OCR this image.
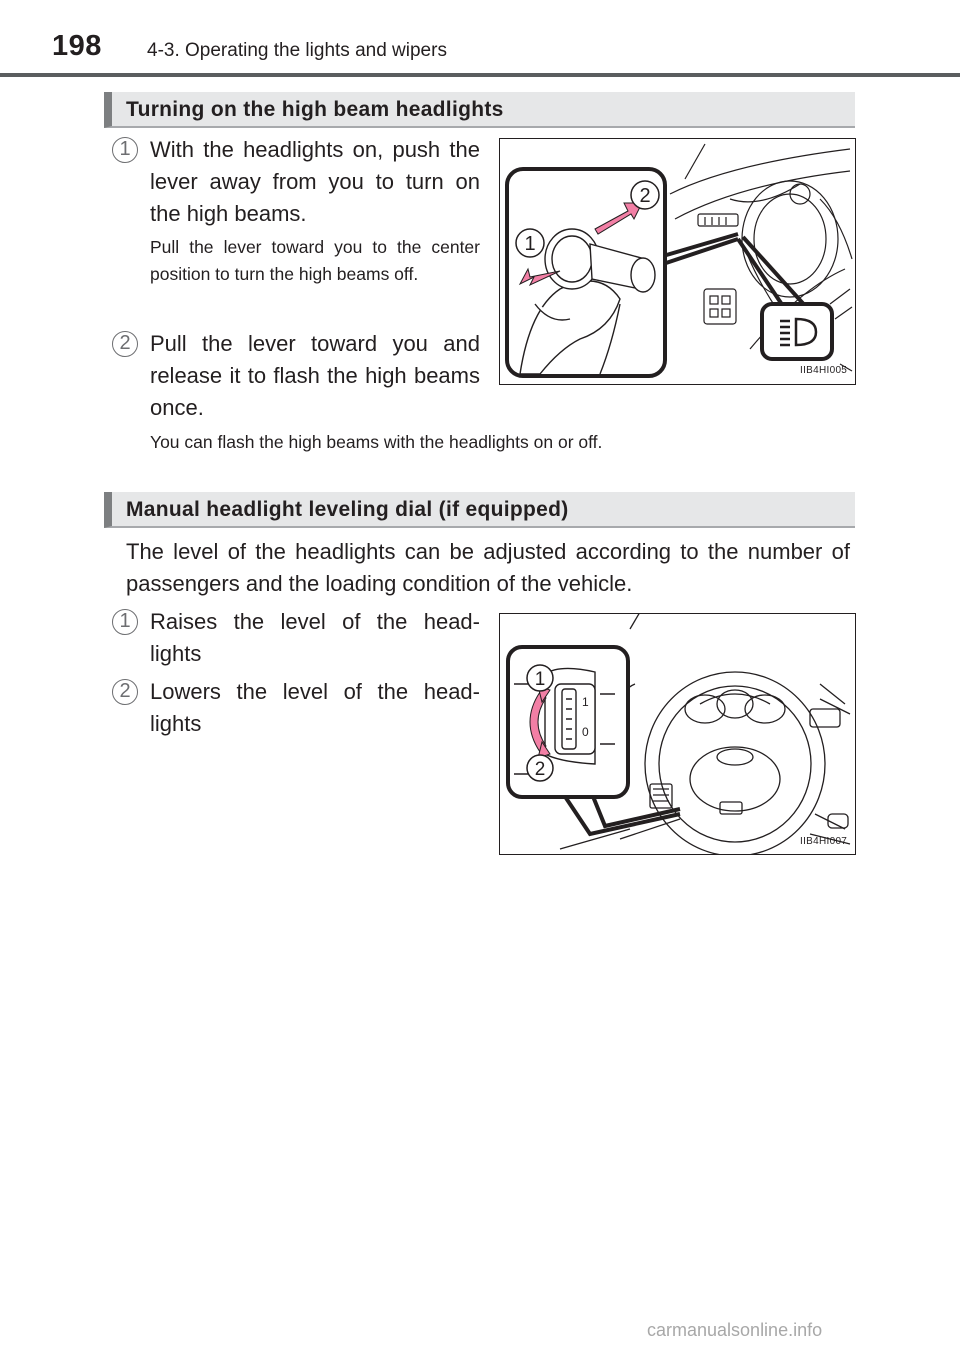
198 4-3. Operating the lights and wipers
Turning on the high beam headlights
1 With the headlights on, push the lever away from you to turn on the high beams.
Pull the lever toward you to the center position to turn the high beams off.
2 Pull the lever toward you and release it to flash the high beams once.
You can flash the high beams with the headlights on or off.
1
2
IIB4HI005
Manual headlight leveling dial (if equipped)
The level of the headlights can be adjusted according to the number of passengers and the loading condition of the vehicle.
1 Raises the level of the head-lights
2 Lowers the level of the head-lights
1
0
1
2
IIB4HI007
carmanualsonline.info
